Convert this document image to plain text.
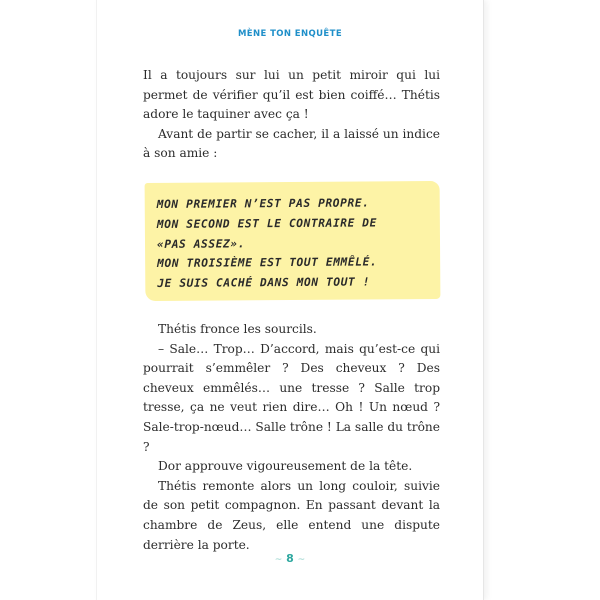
MÈNE TON ENQUÊTE

Il a toujours sur lui un petit miroir qui lui permet de vérifier qu’il est bien coiffé… Thétis adore le taquiner avec ça !

Avant de partir se cacher, il a laissé un indice à son amie :

MON PREMIER N’EST PAS PROPRE.
MON SECOND EST LE CONTRAIRE DE
«PAS ASSEZ».
MON TROISIÈME EST TOUT EMMÊLÉ.
JE SUIS CACHÉ DANS MON TOUT !

Thétis fronce les sourcils.

– Sale… Trop… D’accord, mais qu’est-ce qui pourrait s’emmêler ? Des cheveux ? Des cheveux emmêlés… une tresse ? Salle trop tresse, ça ne veut rien dire… Oh ! Un nœud ? Sale-trop-nœud… Salle trône ! La salle du trône ?

Dor approuve vigoureusement de la tête.

Thétis remonte alors un long couloir, suivie de son petit compagnon. En passant devant la chambre de Zeus, elle entend une dispute derrière la porte.

~ 8 ~
